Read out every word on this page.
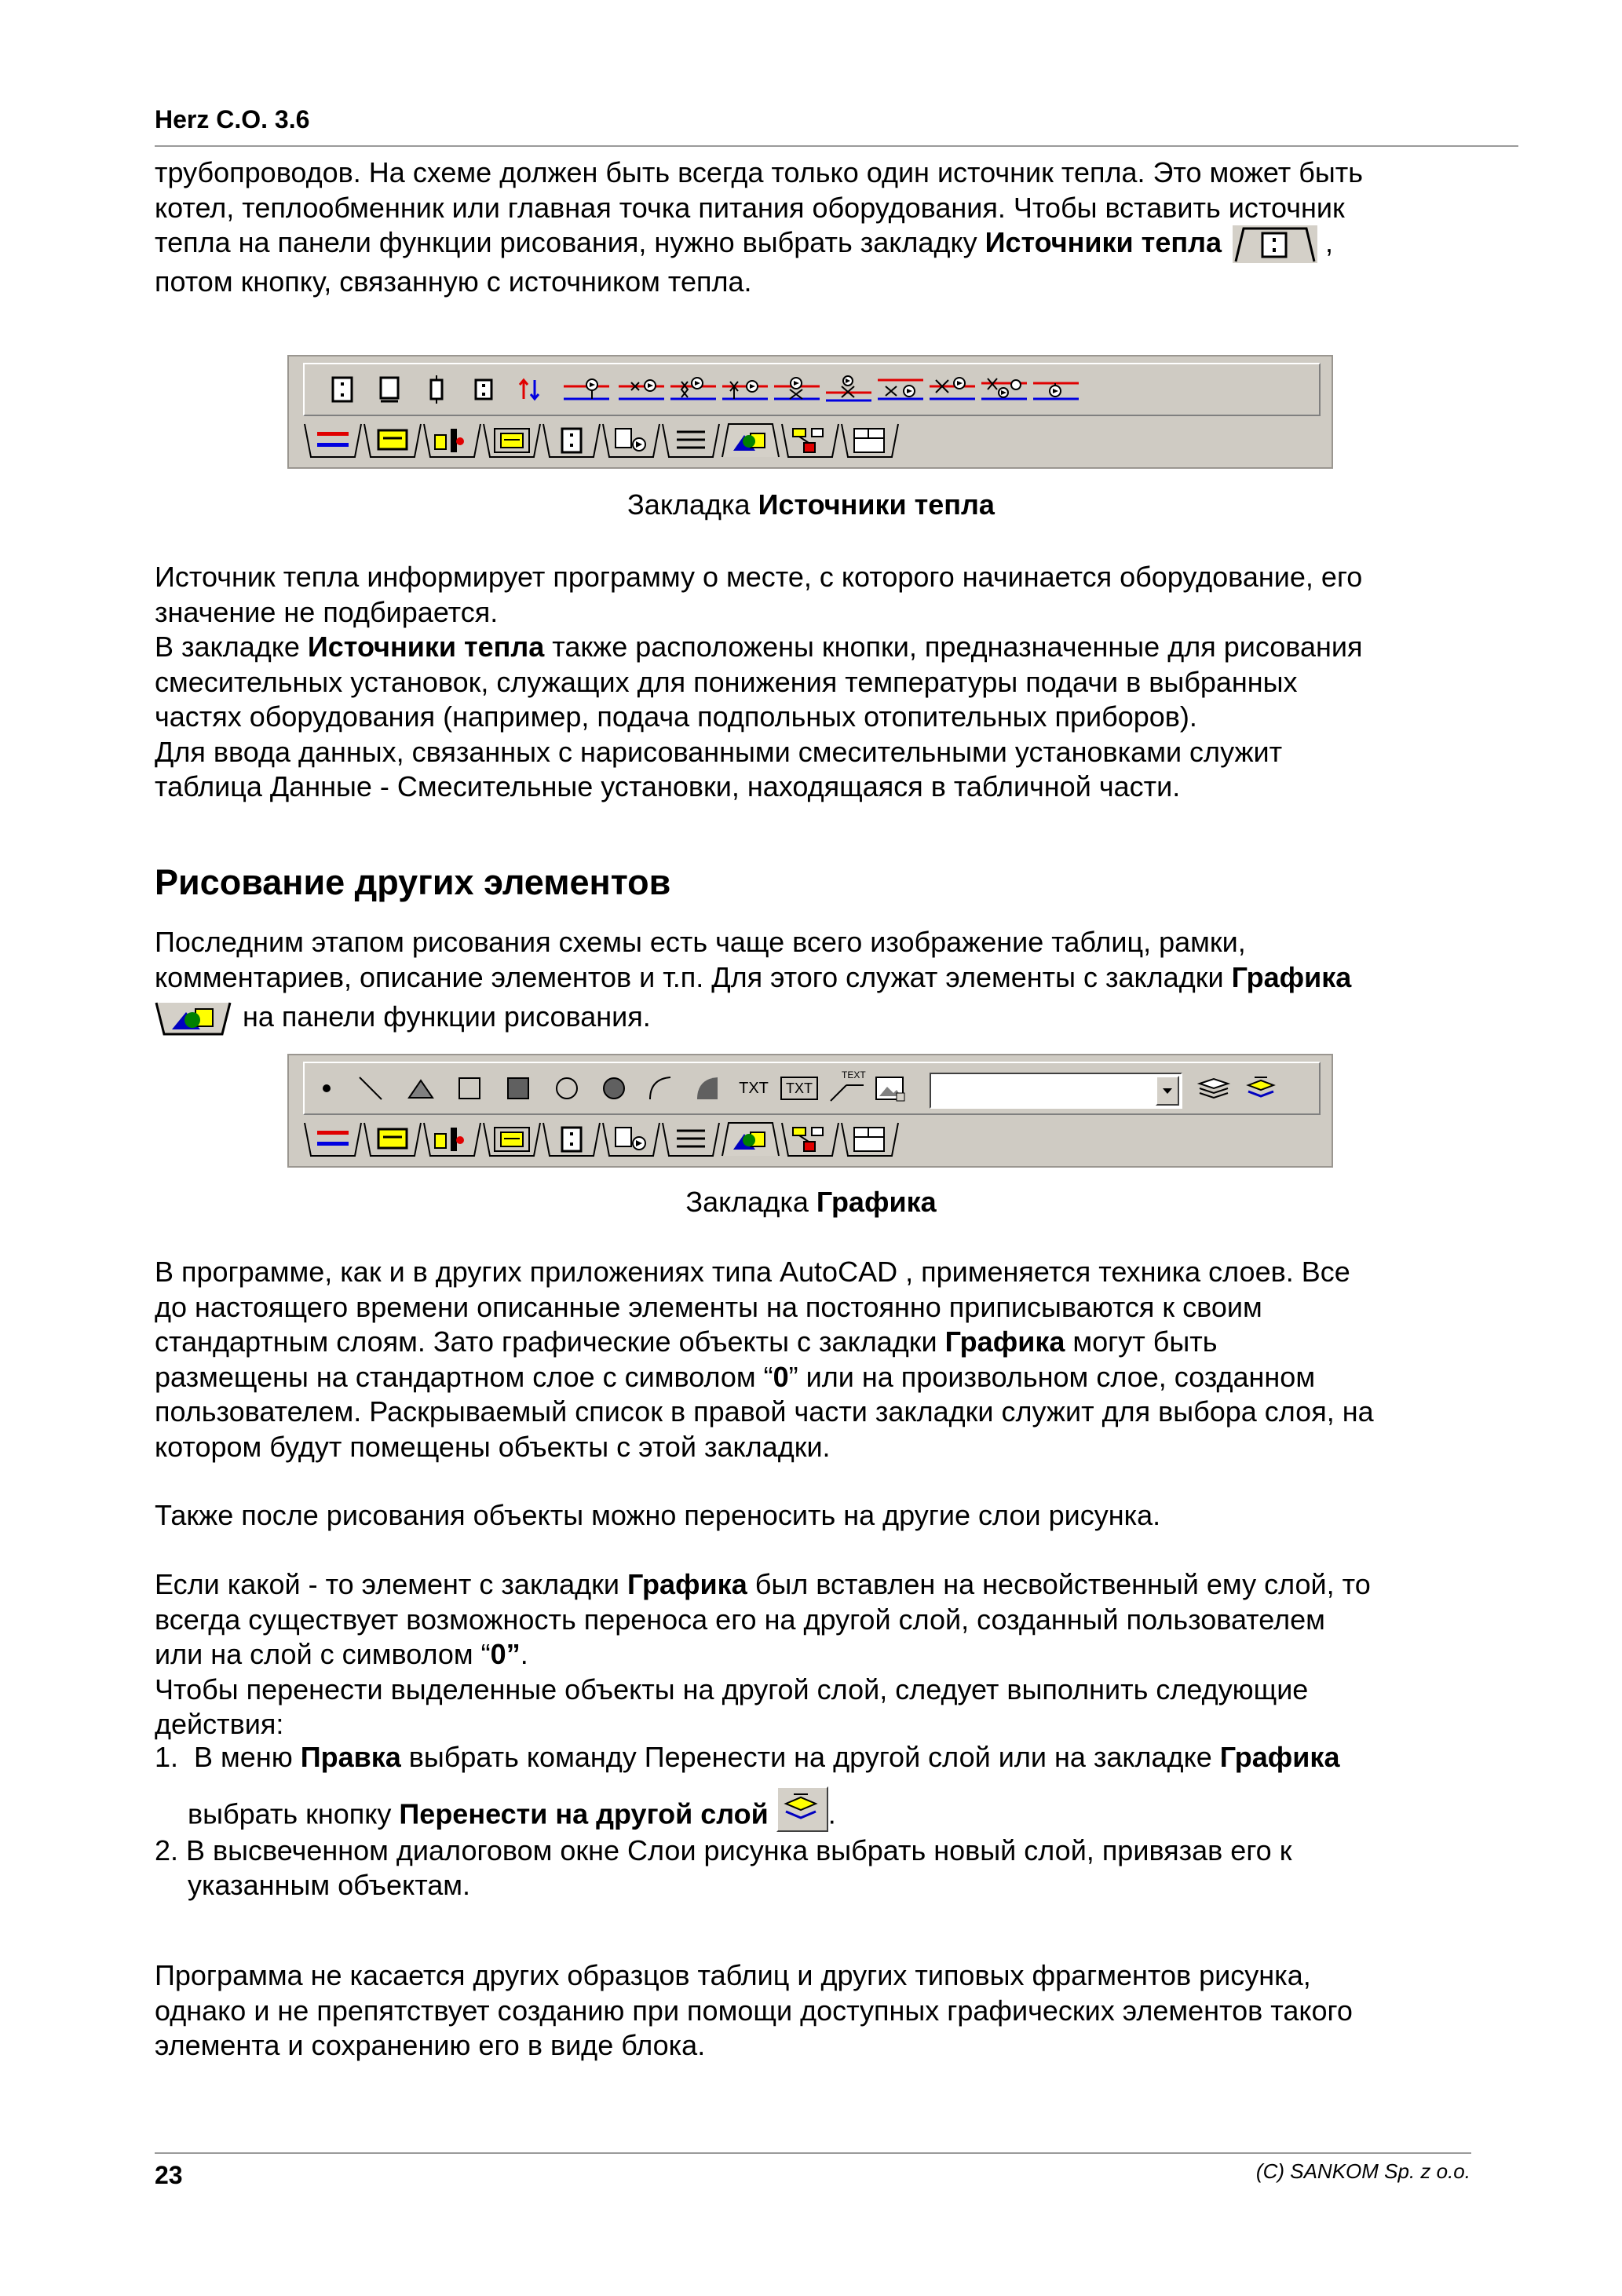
Herz C.O. 3.6
трубопроводов. На схеме должен быть всегда только один источник тепла. Это может быть
котел, теплообменник или главная точка питания оборудования. Чтобы вставить источник
тепла на панели функции рисования, нужно выбрать закладку Источники тепла	,
потом кнопку, связанную с источником тепла.
Закладка Источники тепла
Источник тепла информирует программу о месте, с которого начинается оборудование, его
значение не подбирается.
В закладке Источники тепла также расположены кнопки, предназначенные для рисования
смесительных установок, служащих для понижения температуры подачи в выбранных
частях оборудования (например, подача подпольных отопительных приборов).
Для ввода данных, связанных с нарисованными смесительными установками служит
таблица Данные - Смесительные установки, находящаяся в табличной части.
Рисование других элементов
Последним этапом рисования схемы есть чаще всего изображение таблиц, рамки,
комментариев, описание элементов и т.п. Для этого служат элементы с закладки Графика
на панели функции рисования.
TXT	TXT
TEXT
Закладка Графика
В программе, как и в других приложениях типа AutoCAD , применяется техника слоев. Все
до настоящего времени описанные элементы на постоянно приписываются к своим
стандартным слоям. Зато графические объекты с закладки Графика могут быть
размещены на стандартном слое с символом “0” или на произвольном слое, созданном
пользователем. Раскрываемый список в правой части закладки служит для выбора слоя, на
котором будут помещены объекты с этой закладки.
Также после рисования объекты можно переносить на другие слои рисунка.
Если какой - то элемент с закладки Графика был вставлен на несвойственный ему слой, то
всегда существует возможность переноса его на другой слой, созданный пользователем
или на слой с символом “0”.
Чтобы перенести выделенные объекты на другой слой, следует выполнить следующие
действия:
1. В меню Правка выбрать команду Перенести на другой слой или на закладке Графика
выбрать кнопку Перенести на другой слой .
2. В высвеченном диалоговом окне Слои рисунка выбрать новый слой, привязав его к
указанным объектам.
Программа не касается других образцов таблиц и других типовых фрагментов рисунка,
однако и не препятствует созданию при помощи доступных графических элементов такого
элемента и сохранению его в виде блока.
23	(C) SANKOM Sp. z o.o.
